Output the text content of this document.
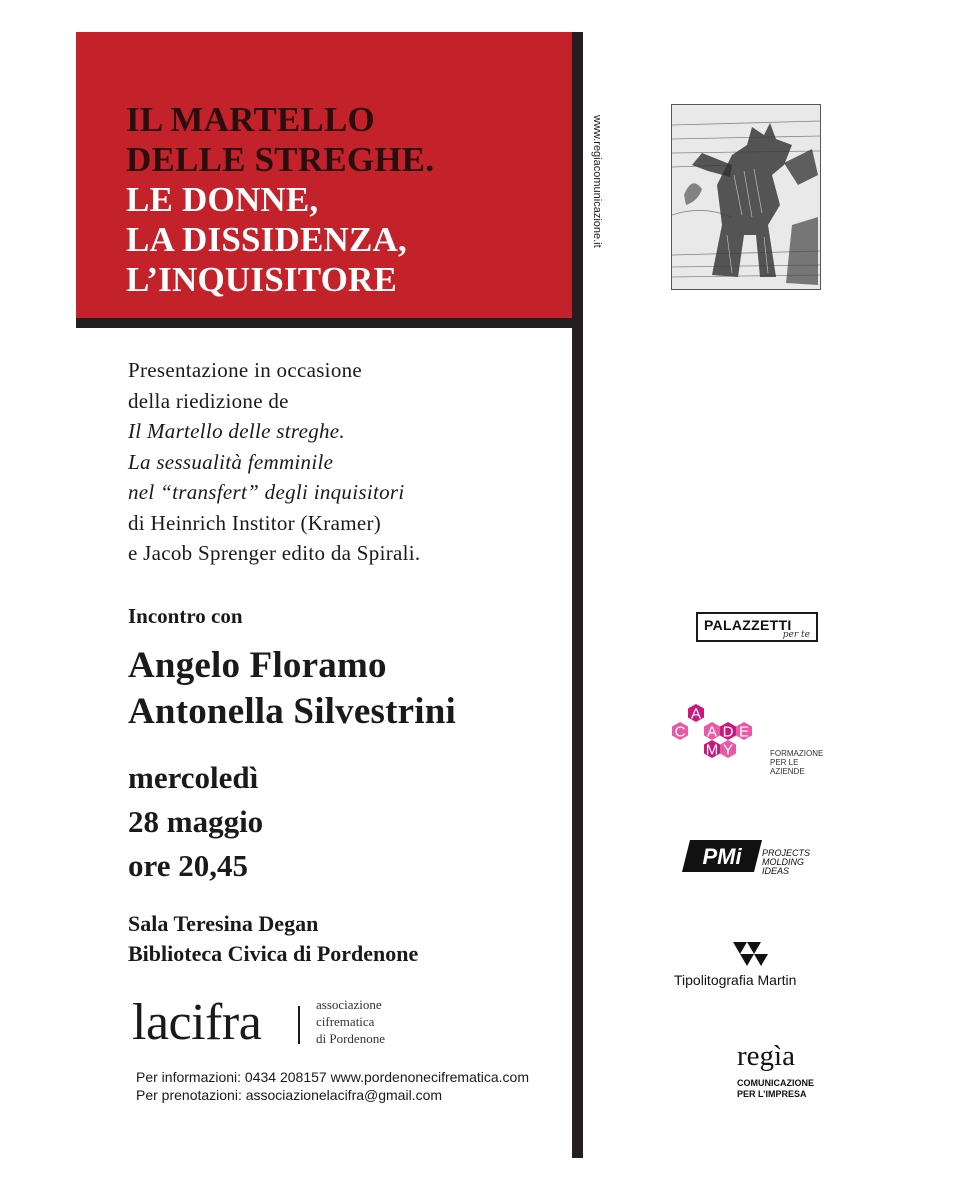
IL MARTELLO

DELLE STREGHE.

LE DONNE,

LA DISSIDENZA,

L’INQUISITORE

www.regiacomunicazione.it

Presentazione in occasione

della riedizione de

Il Martello delle streghe.

La sessualità femminile

nel “transfert” degli inquisitori

di Heinrich Institor (Kramer)

e Jacob Sprenger edito da Spirali.

Incontro con
Angelo Floramo
Antonella Silvestrini
mercoledì
28 maggio
ore 20,45
Sala Teresina Degan
Biblioteca Civica di Pordenone
lacifra	associazione
cifrematica
di Pordenone
Per informazioni: 0434 208157 www.pordenonecifrematica.com
Per prenotazioni: associazionelacifra@gmail.com
PALAZZETTI
per te
A
C A D E
M Y	FORMAZIONE
PER LE
AZIENDE
PMi PROJECTS
MOLDING
IDEAS
Tipolitografia Martin
regìa
COMUNICAZIONE
PER L’IMPRESA
